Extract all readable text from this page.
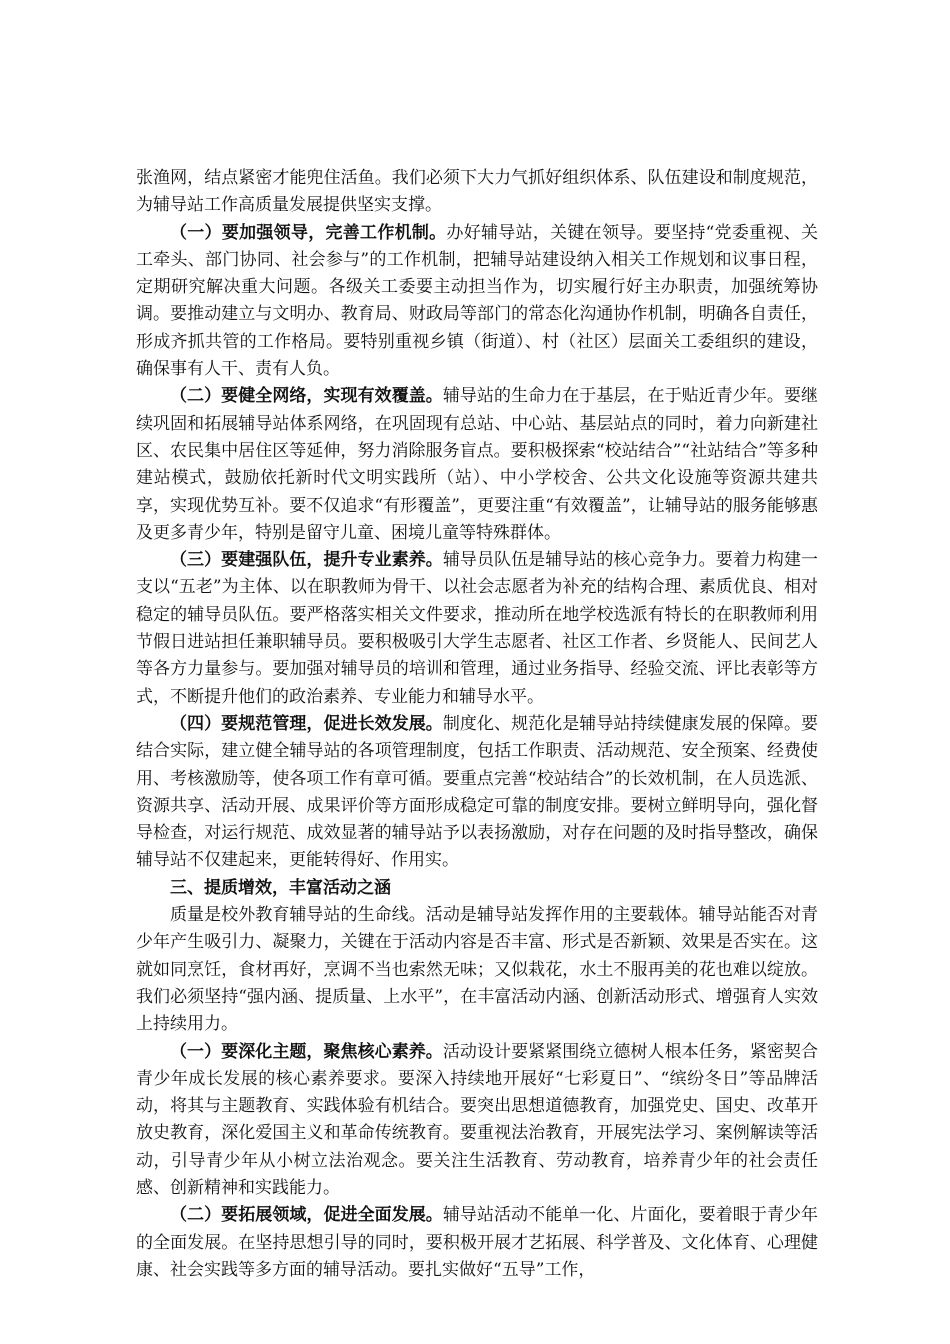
张渔网，结点紧密才能兜住活鱼。我们必须下大力气抓好组织体系、队伍建设和制度规范，为辅导站工作高质量发展提供坚实支撑。

（一）要加强领导，完善工作机制。办好辅导站，关键在领导。要坚持“党委重视、关工牵头、部门协同、社会参与”的工作机制，把辅导站建设纳入相关工作规划和议事日程，定期研究解决重大问题。各级关工委要主动担当作为，切实履行好主办职责，加强统筹协调。要推动建立与文明办、教育局、财政局等部门的常态化沟通协作机制，明确各自责任，形成齐抓共管的工作格局。要特别重视乡镇（街道）、村（社区）层面关工委组织的建设，确保事有人干、责有人负。

（二）要健全网络，实现有效覆盖。辅导站的生命力在于基层，在于贴近青少年。要继续巩固和拓展辅导站体系网络，在巩固现有总站、中心站、基层站点的同时，着力向新建社区、农民集中居住区等延伸，努力消除服务盲点。要积极探索“校站结合”“社站结合”等多种建站模式，鼓励依托新时代文明实践所（站）、中小学校舍、公共文化设施等资源共建共享，实现优势互补。要不仅追求“有形覆盖”，更要注重“有效覆盖”，让辅导站的服务能够惠及更多青少年，特别是留守儿童、困境儿童等特殊群体。

（三）要建强队伍，提升专业素养。辅导员队伍是辅导站的核心竞争力。要着力构建一支以“五老”为主体、以在职教师为骨干、以社会志愿者为补充的结构合理、素质优良、相对稳定的辅导员队伍。要严格落实相关文件要求，推动所在地学校选派有特长的在职教师利用节假日进站担任兼职辅导员。要积极吸引大学生志愿者、社区工作者、乡贤能人、民间艺人等各方力量参与。要加强对辅导员的培训和管理，通过业务指导、经验交流、评比表彰等方式，不断提升他们的政治素养、专业能力和辅导水平。

（四）要规范管理，促进长效发展。制度化、规范化是辅导站持续健康发展的保障。要结合实际，建立健全辅导站的各项管理制度，包括工作职责、活动规范、安全预案、经费使用、考核激励等，使各项工作有章可循。要重点完善“校站结合”的长效机制，在人员选派、资源共享、活动开展、成果评价等方面形成稳定可靠的制度安排。要树立鲜明导向，强化督导检查，对运行规范、成效显著的辅导站予以表扬激励，对存在问题的及时指导整改，确保辅导站不仅建起来，更能转得好、作用实。

三、提质增效，丰富活动之涵

质量是校外教育辅导站的生命线。活动是辅导站发挥作用的主要载体。辅导站能否对青少年产生吸引力、凝聚力，关键在于活动内容是否丰富、形式是否新颖、效果是否实在。这就如同烹饪，食材再好，烹调不当也索然无味；又似栽花，水土不服再美的花也难以绽放。我们必须坚持“强内涵、提质量、上水平”，在丰富活动内涵、创新活动形式、增强育人实效上持续用力。

（一）要深化主题，聚焦核心素养。活动设计要紧紧围绕立德树人根本任务，紧密契合青少年成长发展的核心素养要求。要深入持续地开展好“七彩夏日”、“缤纷冬日”等品牌活动，将其与主题教育、实践体验有机结合。要突出思想道德教育，加强党史、国史、改革开放史教育，深化爱国主义和革命传统教育。要重视法治教育，开展宪法学习、案例解读等活动，引导青少年从小树立法治观念。要关注生活教育、劳动教育，培养青少年的社会责任感、创新精神和实践能力。

（二）要拓展领域，促进全面发展。辅导站活动不能单一化、片面化，要着眼于青少年的全面发展。在坚持思想引导的同时，要积极开展才艺拓展、科学普及、文化体育、心理健康、社会实践等多方面的辅导活动。要扎实做好“五导”工作，
